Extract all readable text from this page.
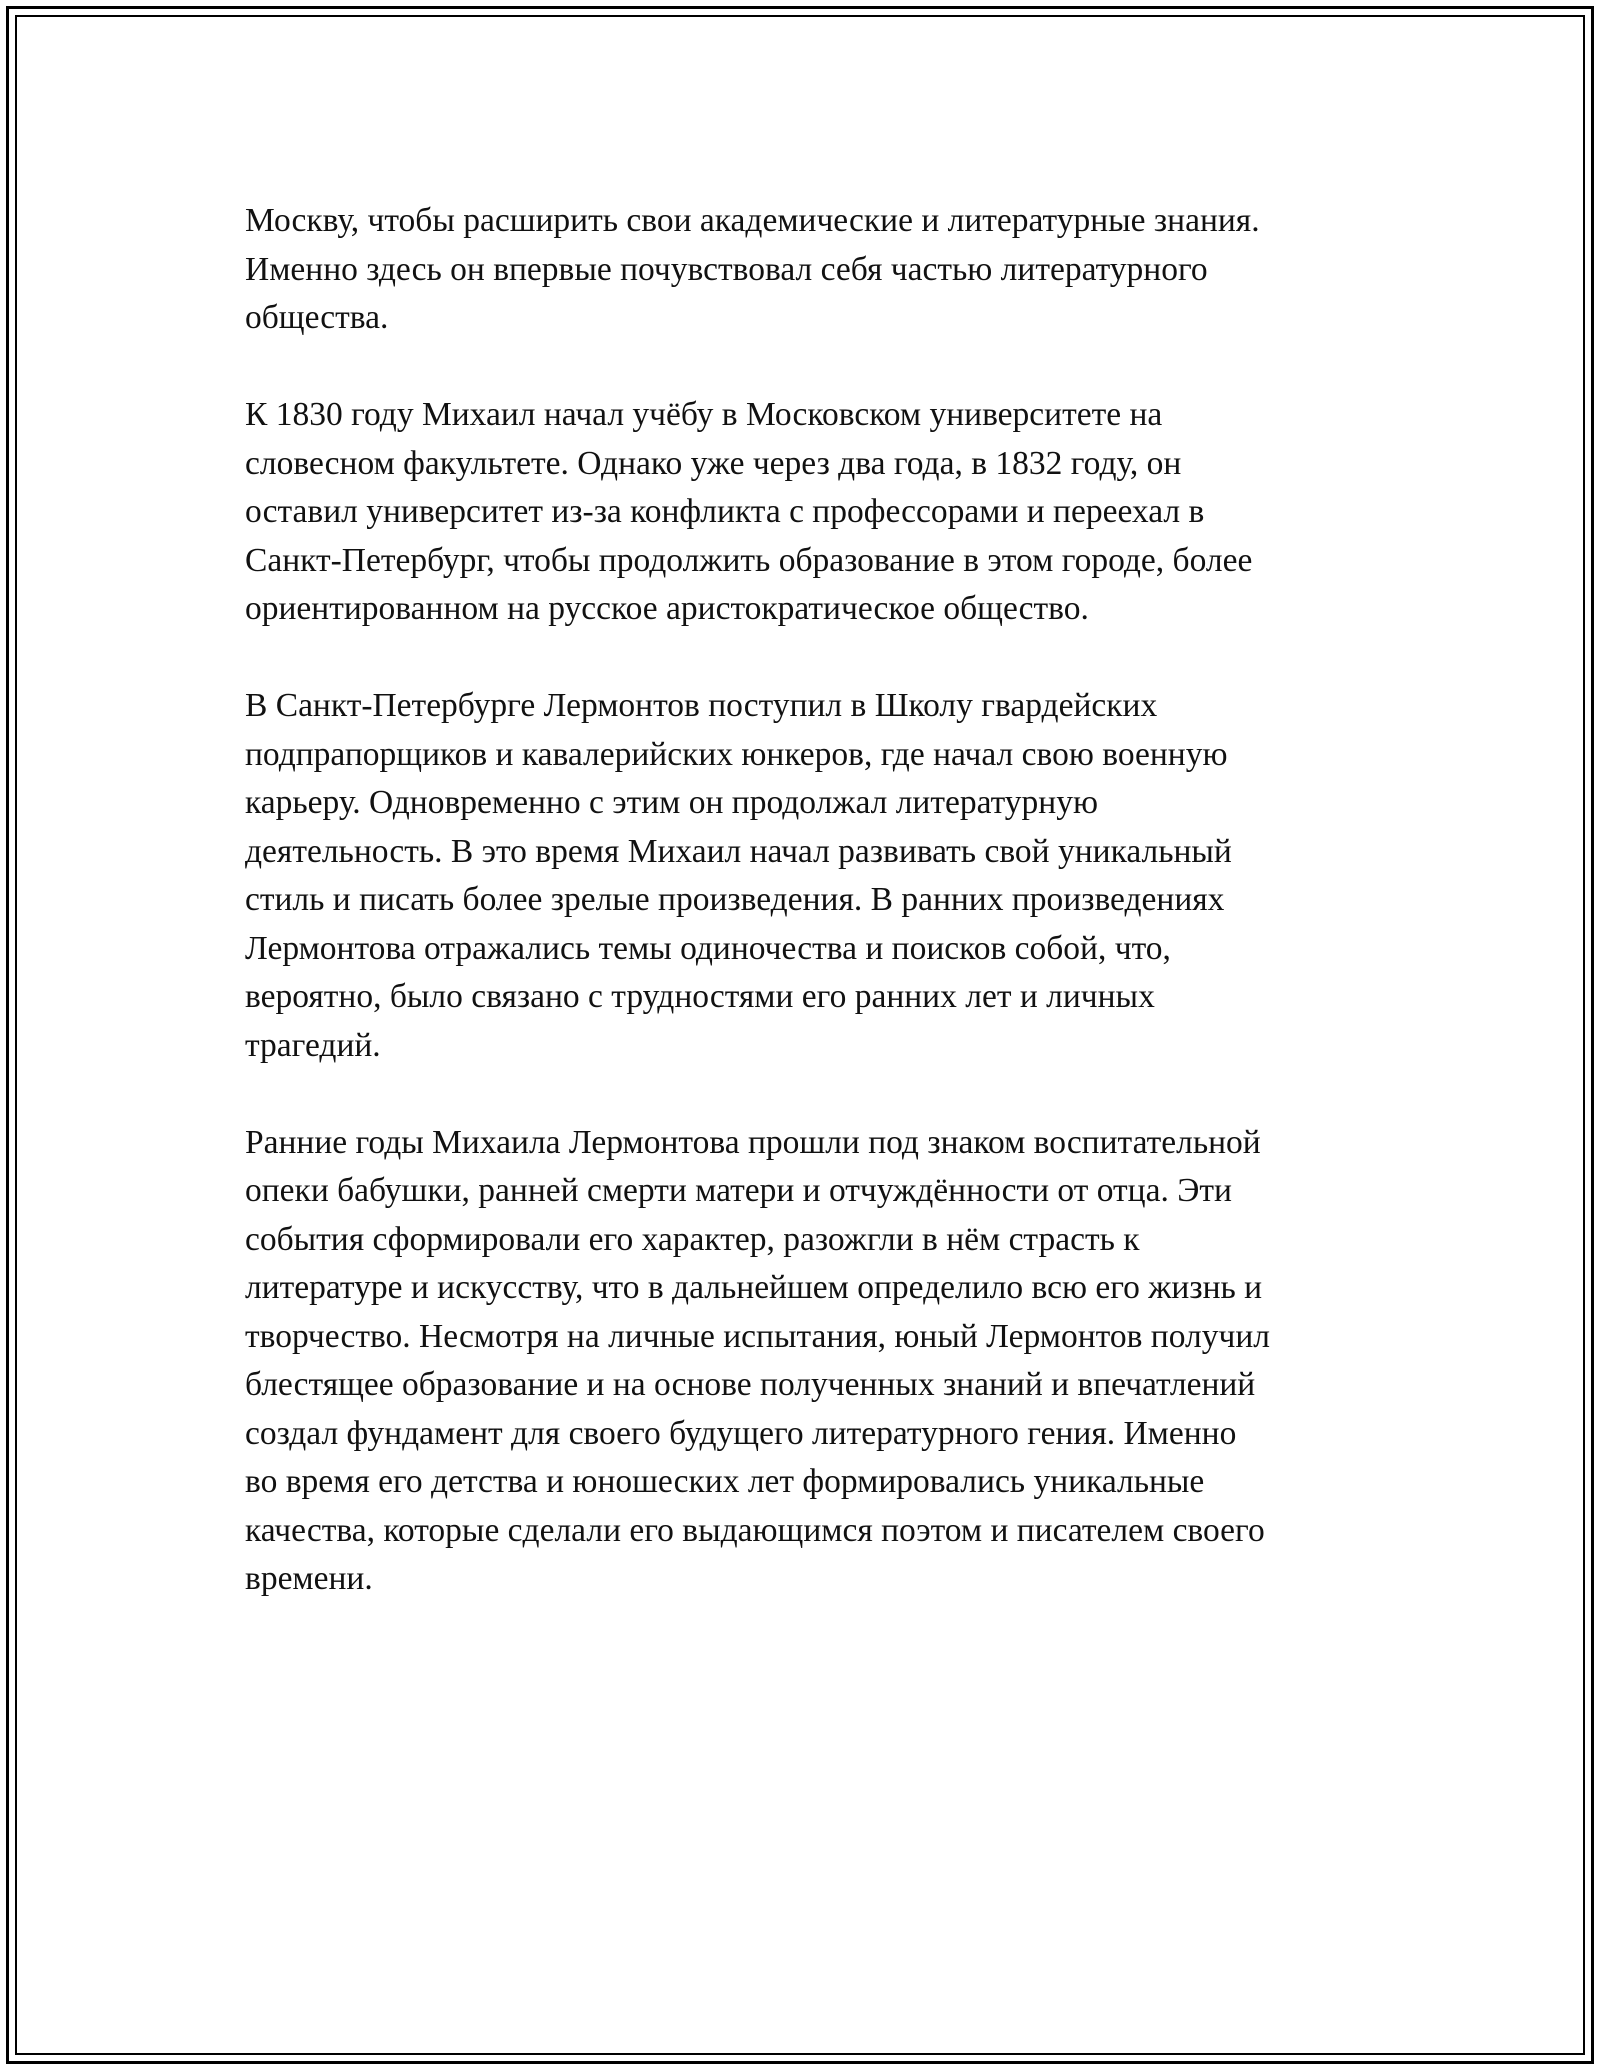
Москву, чтобы расширить свои академические и литературные знания.
Именно здесь он впервые почувствовал себя частью литературного
общества.

К 1830 году Михаил начал учёбу в Московском университете на
словесном факультете. Однако уже через два года, в 1832 году, он
оставил университет из-за конфликта с профессорами и переехал в
Санкт-Петербург, чтобы продолжить образование в этом городе, более
ориентированном на русское аристократическое общество.

В Санкт-Петербурге Лермонтов поступил в Школу гвардейских
подпрапорщиков и кавалерийских юнкеров, где начал свою военную
карьеру. Одновременно с этим он продолжал литературную
деятельность. В это время Михаил начал развивать свой уникальный
стиль и писать более зрелые произведения. В ранних произведениях
Лермонтова отражались темы одиночества и поисков собой, что,
вероятно, было связано с трудностями его ранних лет и личных
трагедий.

Ранние годы Михаила Лермонтова прошли под знаком воспитательной
опеки бабушки, ранней смерти матери и отчуждённости от отца. Эти
события сформировали его характер, разожгли в нём страсть к
литературе и искусству, что в дальнейшем определило всю его жизнь и
творчество. Несмотря на личные испытания, юный Лермонтов получил
блестящее образование и на основе полученных знаний и впечатлений
создал фундамент для своего будущего литературного гения. Именно
во время его детства и юношеских лет формировались уникальные
качества, которые сделали его выдающимся поэтом и писателем своего
времени.
